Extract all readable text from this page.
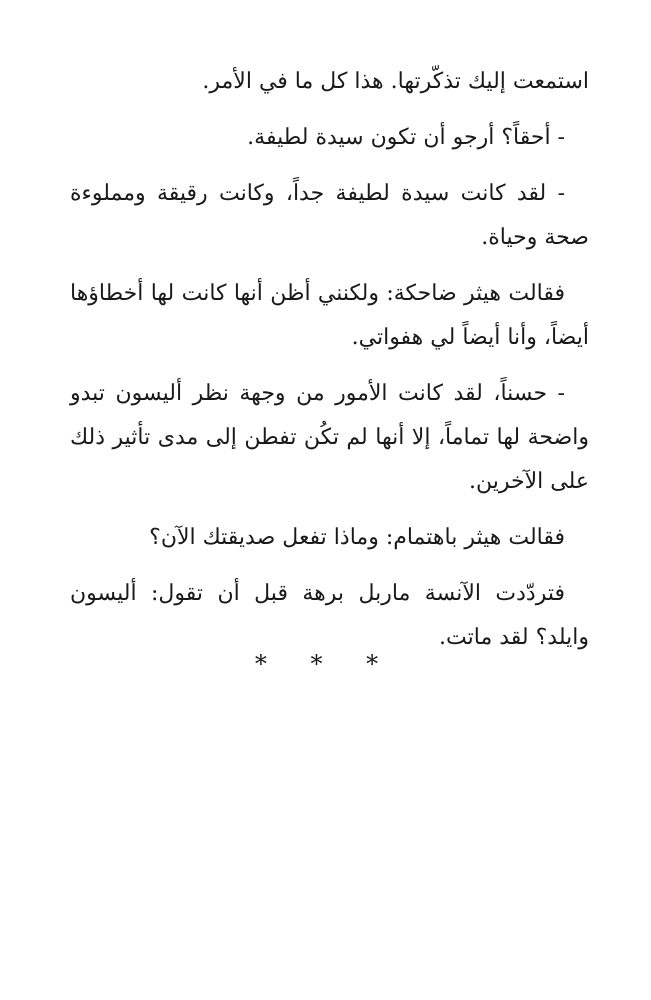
استمعت إليك تذكّرتها. هذا كل ما في الأمر.

- أحقاً؟ أرجو أن تكون سيدة لطيفة.

- لقد كانت سيدة لطيفة جداً، وكانت رقيقة ومملوءة صحة وحياة.

فقالت هيثر ضاحكة: ولكنني أظن أنها كانت لها أخطاؤها أيضاً، وأنا أيضاً لي هفواتي.

- حسناً، لقد كانت الأمور من وجهة نظر أليسون تبدو واضحة لها تماماً، إلا أنها لم تكُن تفطن إلى مدى تأثير ذلك على الآخرين.

فقالت هيثر باهتمام: وماذا تفعل صديقتك الآن؟

فتردّدت الآنسة ماربل برهة قبل أن تقول: أليسون وايلد؟ لقد ماتت.

* * *
